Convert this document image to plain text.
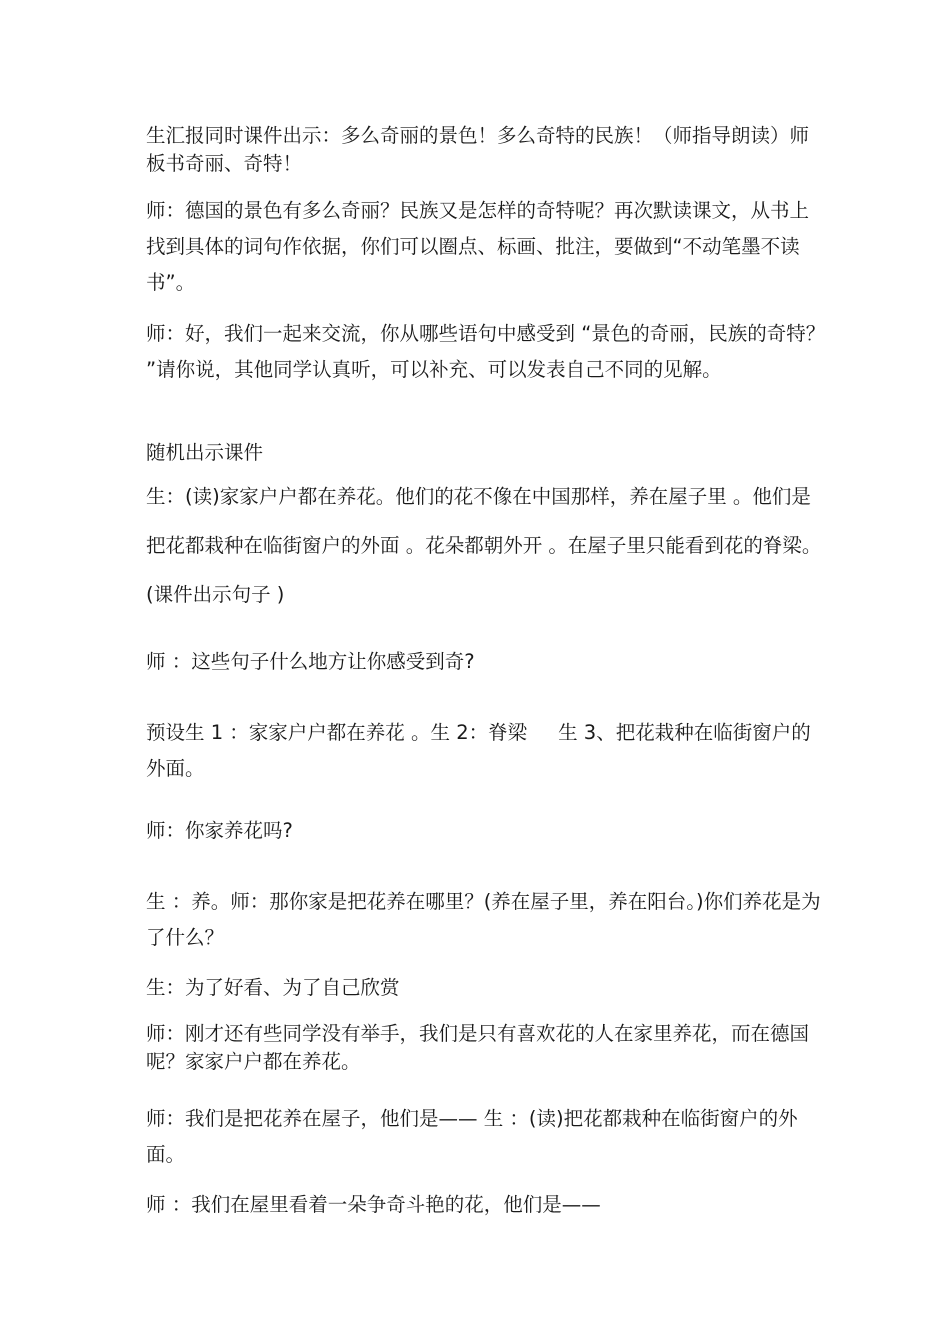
生汇报同时课件出示：多么奇丽的景色！多么奇特的民族！（师指导朗读）师板书奇丽、奇特！

师：德国的景色有多么奇丽？民族又是怎样的奇特呢？再次默读课文，从书上找到具体的词句作依据，你们可以圈点、标画、批注，要做到“不动笔墨不读书”。

师：好，我们一起来交流，你从哪些语句中感受到 “景色的奇丽，民族的奇特？ ”请你说，其他同学认真听，可以补充、可以发表自己不同的见解。

随机出示课件

生：(读)家家户户都在养花。他们的花不像在中国那样，养在屋子里 。他们是把花都栽种在临街窗户的外面 。花朵都朝外开 。在屋子里只能看到花的脊梁。 (课件出示句子 )

师 ：这些句子什么地方让你感受到奇?

预设生 1 ：家家户户都在养花 。生 2：脊梁     生 3、把花栽种在临街窗户的外面。

师：你家养花吗?

生 ：养。师：那你家是把花养在哪里？(养在屋子里，养在阳台。)你们养花是为了什么？

生：为了好看、为了自己欣赏

师：刚才还有些同学没有举手，我们是只有喜欢花的人在家里养花，而在德国呢？家家户户都在养花。

师：我们是把花养在屋子，他们是—— 生 ：(读)把花都栽种在临街窗户的外面。

师 ：我们在屋里看着一朵争奇斗艳的花，他们是——
